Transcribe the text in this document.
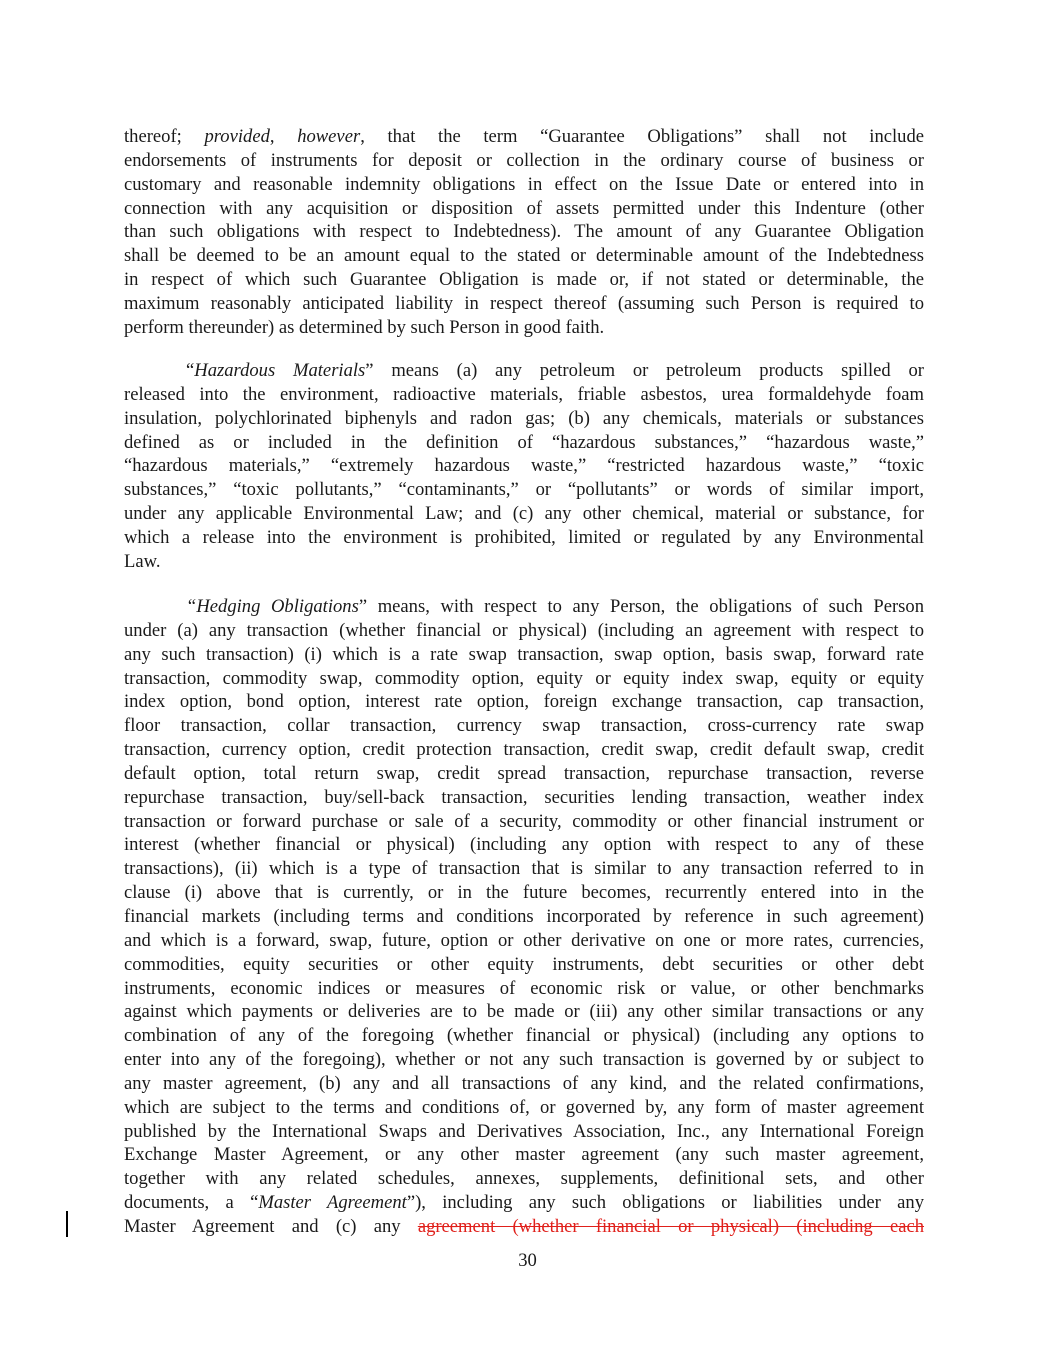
thereof; provided, however, that the term “Guarantee Obligations” shall not include
endorsements of instruments for deposit or collection in the ordinary course of business or
customary and reasonable indemnity obligations in effect on the Issue Date or entered into in
connection with any acquisition or disposition of assets permitted under this Indenture (other
than such obligations with respect to Indebtedness). The amount of any Guarantee Obligation
shall be deemed to be an amount equal to the stated or determinable amount of the Indebtedness
in respect of which such Guarantee Obligation is made or, if not stated or determinable, the
maximum reasonably anticipated liability in respect thereof (assuming such Person is required to
perform thereunder) as determined by such Person in good faith.
“Hazardous Materials” means (a) any petroleum or petroleum products spilled or
released into the environment, radioactive materials, friable asbestos, urea formaldehyde foam
insulation, polychlorinated biphenyls and radon gas; (b) any chemicals, materials or substances
defined as or included in the definition of “hazardous substances,” “hazardous waste,”
“hazardous materials,” “extremely hazardous waste,” “restricted hazardous waste,” “toxic
substances,” “toxic pollutants,” “contaminants,” or “pollutants” or words of similar import,
under any applicable Environmental Law; and (c) any other chemical, material or substance, for
which a release into the environment is prohibited, limited or regulated by any Environmental
Law.
“Hedging Obligations” means, with respect to any Person, the obligations of such Person
under (a) any transaction (whether financial or physical) (including an agreement with respect to
any such transaction) (i) which is a rate swap transaction, swap option, basis swap, forward rate
transaction, commodity swap, commodity option, equity or equity index swap, equity or equity
index option, bond option, interest rate option, foreign exchange transaction, cap transaction,
floor transaction, collar transaction, currency swap transaction, cross-currency rate swap
transaction, currency option, credit protection transaction, credit swap, credit default swap, credit
default option, total return swap, credit spread transaction, repurchase transaction, reverse
repurchase transaction, buy/sell-back transaction, securities lending transaction, weather index
transaction or forward purchase or sale of a security, commodity or other financial instrument or
interest (whether financial or physical) (including any option with respect to any of these
transactions), (ii) which is a type of transaction that is similar to any transaction referred to in
clause (i) above that is currently, or in the future becomes, recurrently entered into in the
financial markets (including terms and conditions incorporated by reference in such agreement)
and which is a forward, swap, future, option or other derivative on one or more rates, currencies,
commodities, equity securities or other equity instruments, debt securities or other debt
instruments, economic indices or measures of economic risk or value, or other benchmarks
against which payments or deliveries are to be made or (iii) any other similar transactions or any
combination of any of the foregoing (whether financial or physical) (including any options to
enter into any of the foregoing), whether or not any such transaction is governed by or subject to
any master agreement, (b) any and all transactions of any kind, and the related confirmations,
which are subject to the terms and conditions of, or governed by, any form of master agreement
published by the International Swaps and Derivatives Association, Inc., any International Foreign
Exchange Master Agreement, or any other master agreement (any such master agreement,
together with any related schedules, annexes, supplements, definitional sets, and other
documents, a “Master Agreement”), including any such obligations or liabilities under any
Master Agreement and (c) any agreement (whether financial or physical) (including each
30
